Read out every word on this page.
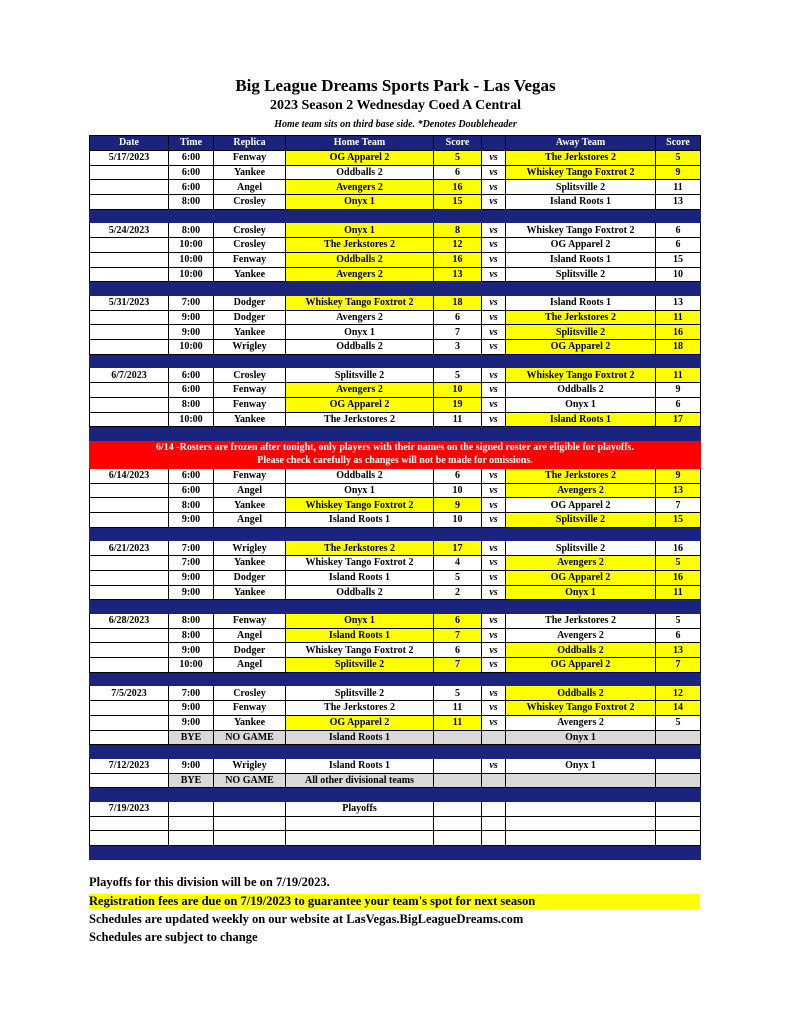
Big League Dreams Sports Park - Las Vegas
2023 Season 2 Wednesday Coed A Central
Home team sits on third base side. *Denotes Doubleheader
Date	Time	Replica	Home Team	Score		Away Team	Score
5/17/2023	6:00	Fenway	OG Apparel 2	5	vs	The Jerkstores 2	5
	6:00	Yankee	Oddballs 2	6	vs	Whiskey Tango Foxtrot 2	9
	6:00	Angel	Avengers 2	16	vs	Splitsville 2	11
	8:00	Crosley	Onyx 1	15	vs	Island Roots 1	13

5/24/2023	8:00	Crosley	Onyx 1	8	vs	Whiskey Tango Foxtrot 2	6
	10:00	Crosley	The Jerkstores 2	12	vs	OG Apparel 2	6
	10:00	Fenway	Oddballs 2	16	vs	Island Roots 1	15
	10:00	Yankee	Avengers 2	13	vs	Splitsville 2	10

5/31/2023	7:00	Dodger	Whiskey Tango Foxtrot 2	18	vs	Island Roots 1	13
	9:00	Dodger	Avengers 2	6	vs	The Jerkstores 2	11
	9:00	Yankee	Onyx 1	7	vs	Splitsville 2	16
	10:00	Wrigley	Oddballs 2	3	vs	OG Apparel 2	18

6/7/2023	6:00	Crosley	Splitsville 2	5	vs	Whiskey Tango Foxtrot 2	11
	6:00	Fenway	Avengers 2	10	vs	Oddballs 2	9
	8:00	Fenway	OG Apparel 2	19	vs	Onyx 1	6
	10:00	Yankee	The Jerkstores 2	11	vs	Island Roots 1	17

6/14 -Rosters are frozen after tonight, only players with their names on the signed roster are eligible for playoffs.
Please check carefully as changes will not be made for omissions.							

6/14/2023	6:00	Fenway	Oddballs 2	6	vs	The Jerkstores 2	9
	6:00	Angel	Onyx 1	10	vs	Avengers 2	13
	8:00	Yankee	Whiskey Tango Foxtrot 2	9	vs	OG Apparel 2	7
	9:00	Angel	Island Roots 1	10	vs	Splitsville 2	15

6/21/2023	7:00	Wrigley	The Jerkstores 2	17	vs	Splitsville 2	16
	7:00	Yankee	Whiskey Tango Foxtrot 2	4	vs	Avengers 2	5
	9:00	Dodger	Island Roots 1	5	vs	OG Apparel 2	16
	9:00	Yankee	Oddballs 2	2	vs	Onyx 1	11

6/28/2023	8:00	Fenway	Onyx 1	6	vs	The Jerkstores 2	5
	8:00	Angel	Island Roots 1	7	vs	Avengers 2	6
	9:00	Dodger	Whiskey Tango Foxtrot 2	6	vs	Oddballs 2	13
	10:00	Angel	Splitsville 2	7	vs	OG Apparel 2	7

7/5/2023	7:00	Crosley	Splitsville 2	5	vs	Oddballs 2	12
	9:00	Fenway	The Jerkstores 2	11	vs	Whiskey Tango Foxtrot 2	14
	9:00	Yankee	OG Apparel 2	11	vs	Avengers 2	5
	BYE	NO GAME	Island Roots 1			Onyx 1	

7/12/2023	9:00	Wrigley	Island Roots 1		vs	Onyx 1	
	BYE	NO GAME	All other divisional teams				

7/19/2023			Playoffs				

Playoffs for this division will be on 7/19/2023.
Registration fees are due on 7/19/2023 to guarantee your team's spot for next season
Schedules are updated weekly on our website at LasVegas.BigLeagueDreams.com
Schedules are subject to change
